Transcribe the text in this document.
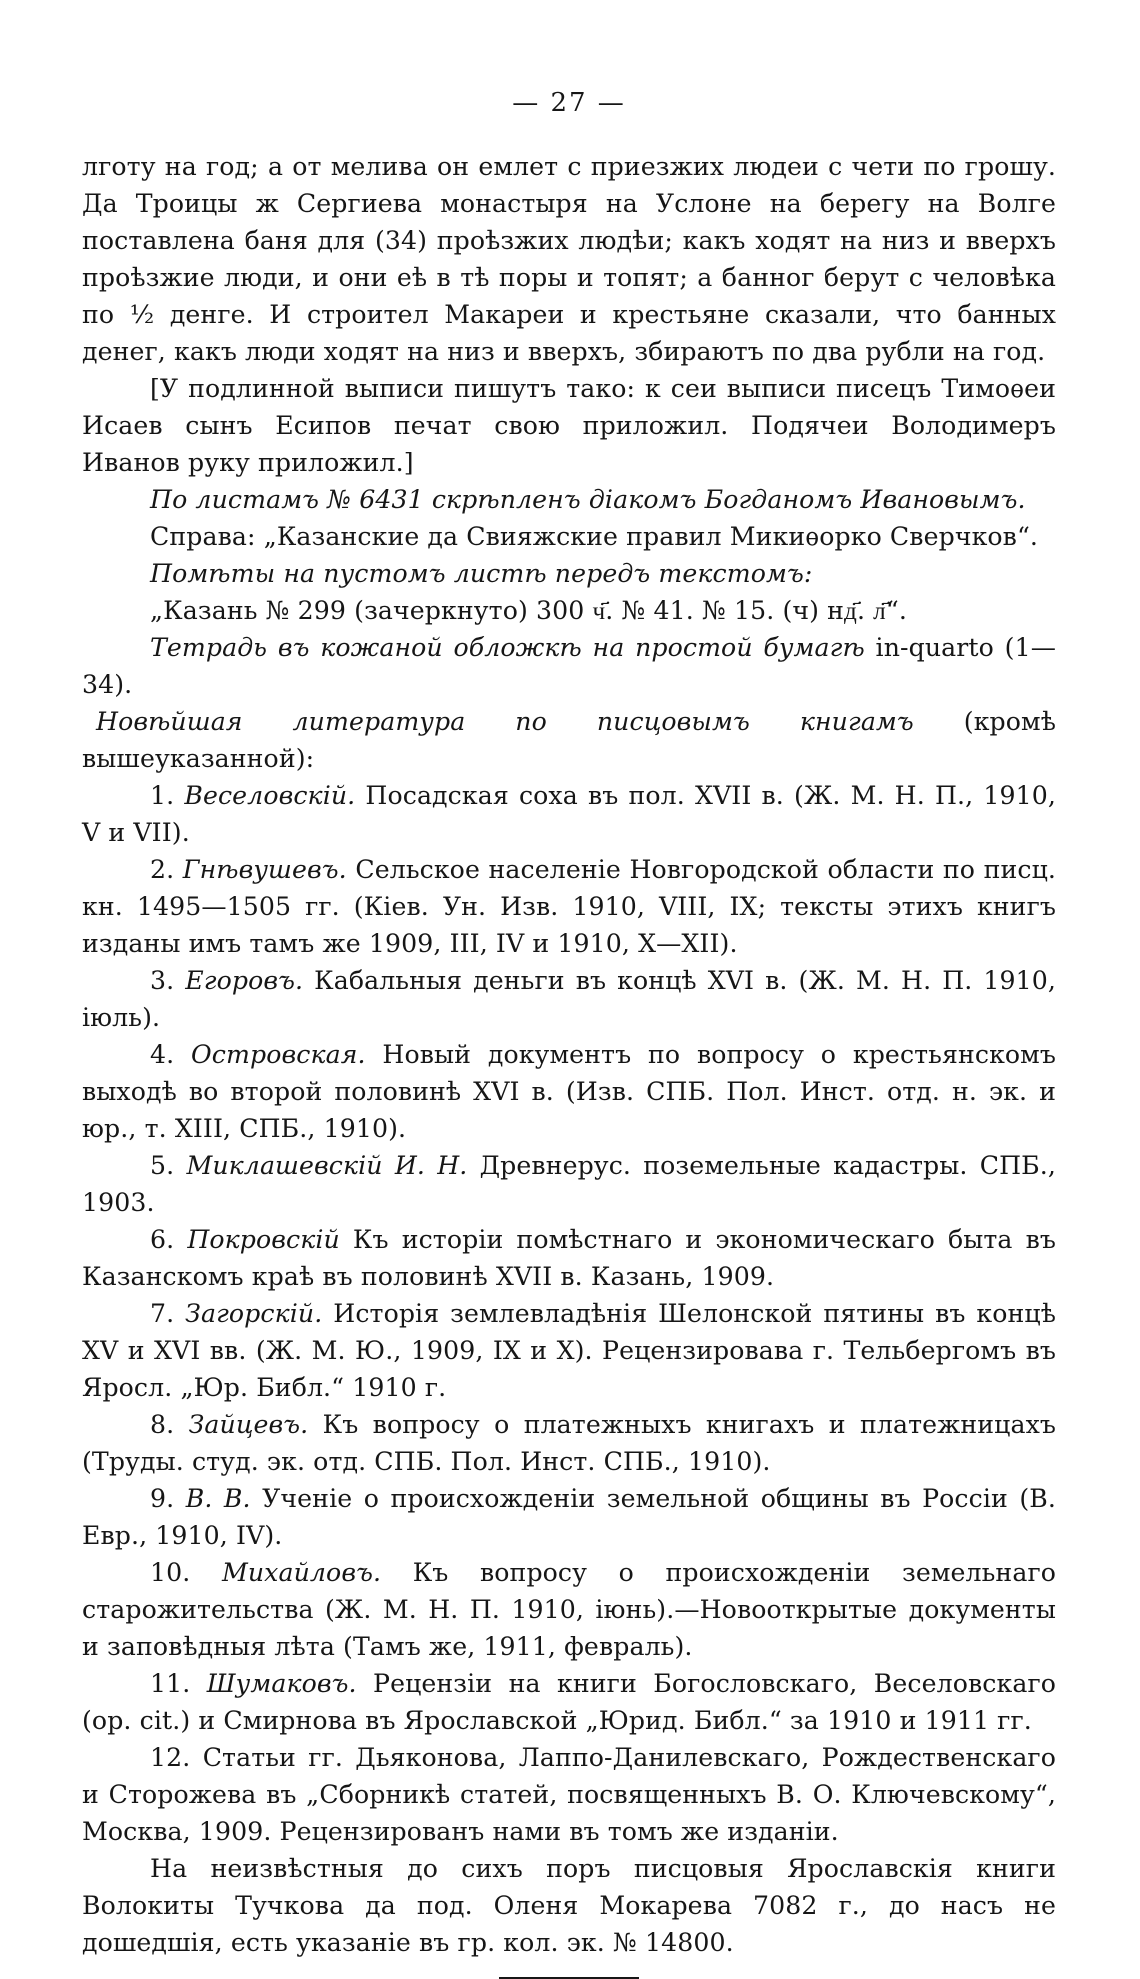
— 27 —

лготу на год; а от мелива он емлет с приезжих людеи с чети по грошу. Да Троицы ж Сергиева монастыря на Услоне на берегу на Волге поставлена баня для (34) проѣзжих людѣи; какъ ходят на низ и вверхъ проѣзжие люди, и они еѣ в тѣ поры и топят; а банног берут с человѣка по ½ денге. И строител Макареи и крестьяне сказали, что банных денег, какъ люди ходят на низ и вверхъ, збираютъ по два рубли на год.

[У подлинной выписи пишутъ тако: к сеи выписи писецъ Тимоѳеи Исаев сынъ Есипов печат свою приложил. Подячеи Володимеръ Иванов руку приложил.]

По листамъ № 6431 скрѣпленъ діакомъ Богданомъ Ивановымъ.

Справа: „Казанские да Свияжские правил Микиѳорко Сверчков“.

Помѣты на пустомъ листѣ передъ текстомъ:

„Казань № 299 (зачеркнуто) 300 ч҃. № 41. № 15. (ч) нд҃. л҃“.

Тетрадь въ кожаной обложкѣ на простой бумагѣ in-quarto (1—34).

Новѣйшая литература по писцовымъ книгамъ (кромѣ вышеуказанной):

1. Веселовскій. Посадская соха въ пол. XVII в. (Ж. М. Н. П., 1910, V и VII).

2. Гнѣвушевъ. Сельское населеніе Новгородской области по писц. кн. 1495—1505 гг. (Кіев. Ун. Изв. 1910, VIII, IX; тексты этихъ книгъ изданы имъ тамъ же 1909, III, IV и 1910, X—XII).

3. Егоровъ. Кабальныя деньги въ концѣ XVI в. (Ж. М. Н. П. 1910, іюль).

4. Островская. Новый документъ по вопросу о крестьянскомъ выходѣ во второй половинѣ XVI в. (Изв. СПБ. Пол. Инст. отд. н. эк. и юр., т. XIII, СПБ., 1910).

5. Миклашевскій И. Н. Древнерус. поземельные кадастры. СПБ., 1903.

6. Покровскій Къ исторіи помѣстнаго и экономическаго быта въ Казанскомъ краѣ въ половинѣ XVII в. Казань, 1909.

7. Загорскій. Исторія землевладѣнія Шелонской пятины въ концѣ XV и XVI вв. (Ж. М. Ю., 1909, IX и X). Рецензировава г. Тельбергомъ въ Яросл. „Юр. Библ.“ 1910 г.

8. Зайцевъ. Къ вопросу о платежныхъ книгахъ и платежницахъ (Труды. студ. эк. отд. СПБ. Пол. Инст. СПБ., 1910).

9. В. В. Ученіе о происхожденіи земельной общины въ Россіи (В. Евр., 1910, IV).

10. Михайловъ. Къ вопросу о происхожденіи земельнаго старожительства (Ж. М. Н. П. 1910, іюнь).—Новооткрытые документы и заповѣдныя лѣта (Тамъ же, 1911, февраль).

11. Шумаковъ. Рецензіи на книги Богословскаго, Веселовскаго (op. cit.) и Смирнова въ Ярославской „Юрид. Библ.“ за 1910 и 1911 гг.

12. Статьи гг. Дьяконова, Лаппо-Данилевскаго, Рождественскаго и Сторожева въ „Сборникѣ статей, посвященныхъ В. О. Ключевскому“, Москва, 1909. Рецензированъ нами въ томъ же изданіи.

На неизвѣстныя до сихъ поръ писцовыя Ярославскія книги Волокиты Тучкова да под. Оленя Мокарева 7082 г., до насъ не дошедшія, есть указаніе въ гр. кол. эк. № 14800.
